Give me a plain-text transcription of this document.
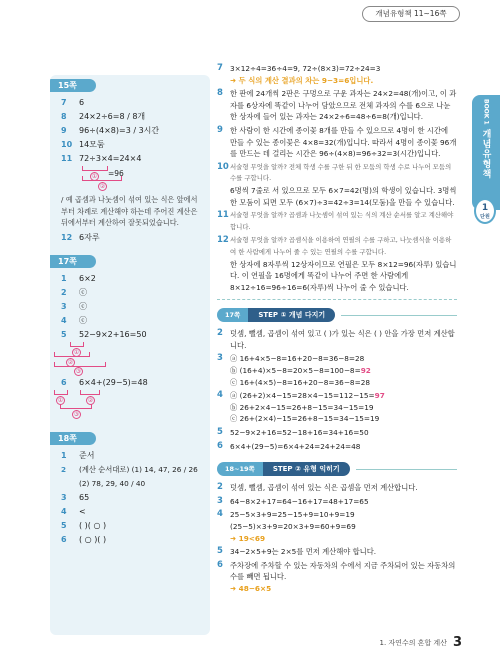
개념유형책 11~16쪽
15쪽
7	6
8	24×2÷6=8 / 8개
9	96÷(4×8)=3 / 3시간
10 14모둠
11 72÷3×4=24×4
① =96
②
/ 예 곱셈과 나눗셈이 섞여 있는 식은 앞에서부터 차례로 계산해야 하는데 주어진 계산은 뒤에서부터 계산하여 잘못되었습니다.
12 6자루
17쪽
1	6×2
2	ⓒ
3	ⓒ
4	ⓒ
5	52−9×2+16=50
①
②
③
6	6×4+(29−5)=48
①	②
③
18쪽
1	준서
2	(계산 순서대로) (1) 14, 47, 26 / 26
(2) 78, 29, 40 / 40
3	65
4	<
5	( )( ○ )
6	( ○ )( )
7 3×12÷4=36÷4=9, 72÷(8×3)=72÷24=3
➜ 두 식의 계산 결과의 차는 9−3=6입니다.
8 한 판에 24개씩 2판은 구멍으로 구운 과자는 24×2=48(개)이고, 이 과자를 6상자에 똑같이 나누어 담았으므로 전체 과자의 수를 6으로 나눈 한 상자에 들어 있는 과자는 24×2÷6=48÷6=8(개)입니다.
9 한 사람이 한 시간에 종이꽃 8개를 만들 수 있으므로 4명이 한 시간에 만들 수 있는 종이꽃은 4×8=32(개)입니다. 따라서 4명이 종이꽃 96개를 만드는 데 걸리는 시간은 96÷(4×8)=96÷32=3(시간)입니다.
10 서술형 무엇을 알까? 전체 학생 수를 구한 뒤 한 모둠의 학생 수로 나누어 모둠의 수를 구합니다.
6명씩 7줄로 서 있으므로 모두 6×7=42(명)의 학생이 있습니다. 3명씩 한 모둠이 되면 모두 (6×7)÷3=42÷3=14(모둠)을 만들 수 있습니다.
11 서술형 무엇을 알까? 곱셈과 나눗셈이 섞여 있는 식의 계산 순서를 알고 계산해야 합니다.
12 서술형 무엇을 알까? 곱셈식을 이용하여 연필의 수를 구하고, 나눗셈식을 이용하여 한 사람에게 나누어 줄 수 있는 연필의 수를 구합니다.
한 상자에 8자루씩 12상자이므로 연필은 모두 8×12=96(자루) 있습니다. 이 연필을 16명에게 똑같이 나누어 주면 한 사람에게 8×12÷16=96÷16=6(자루)씩 나누어 줄 수 있습니다.
17쪽	STEP ① 개념 다지기
2 덧셈, 뺄셈, 곱셈이 섞여 있고 ( )가 있는 식은 ( ) 안을 가장 먼저 계산합니다.
3 ⓐ 16+4×5−8=16+20−8=36−8=28
ⓑ (16+4)×5−8=20×5−8=100−8=92
ⓒ 16+(4×5)−8=16+20−8=36−8=28
4 ⓐ (26+2)×4−15=28×4−15=112−15=97
ⓑ 26+2×4−15=26+8−15=34−15=19
ⓒ 26+(2×4)−15=26+8−15=34−15=19
5 52−9×2+16=52−18+16=34+16=50
6 6×4+(29−5)=6×4+24=24+24=48
18~19쪽	STEP ② 유형 익히기
2 덧셈, 뺄셈, 곱셈이 섞여 있는 식은 곱셈을 먼저 계산합니다.
3 64−8×2+17=64−16+17=48+17=65
4 25−5×3+9=25−15+9=10+9=19
(25−5)×3+9=20×3+9=60+9=69
➜ 19<69
5 34−2×5+9는 2×5를 먼저 계산해야 합니다.
6 주차장에 주차할 수 있는 자동차의 수에서 지금 주차되어 있는 자동차의 수를 빼면 됩니다.
➜ 48−6×5
BOOK 1
개념유형책
1
단원
1. 자연수의 혼합 계산 3
